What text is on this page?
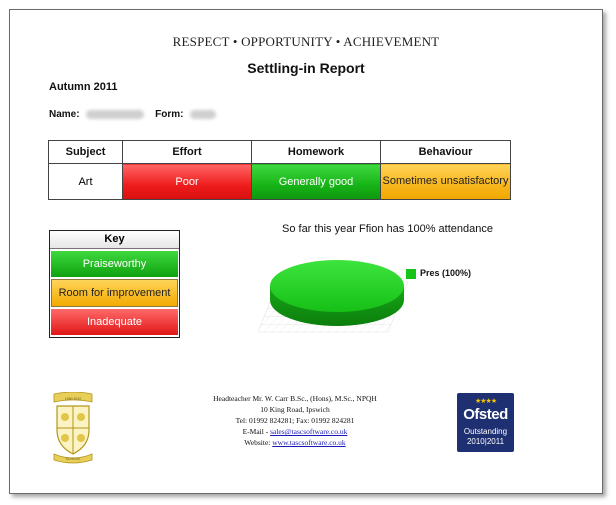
RESPECT • OPPORTUNITY • ACHIEVEMENT
Settling-in Report
Autumn 2011
Name:	Form:
Subject	Effort	Homework	Behaviour
Art	Poor	Generally good	Sometimes unsatisfactory
Key
Praiseworthy
Room for improvement
Inadequate
So far this year Ffion has 100% attendance
Pres (100%)
1960 2010
SCHOOL
Headteacher Mr. W. Carr B.Sc., (Hons), M.Sc., NPQH
10 King Road, Ipswich
Tel: 01992 824281; Fax: 01992 824281
E-Mail - sales@tascsoftware.co.uk
Website: www.tascsoftware.co.uk
★★★★
Ofsted
Outstanding
2010|2011
